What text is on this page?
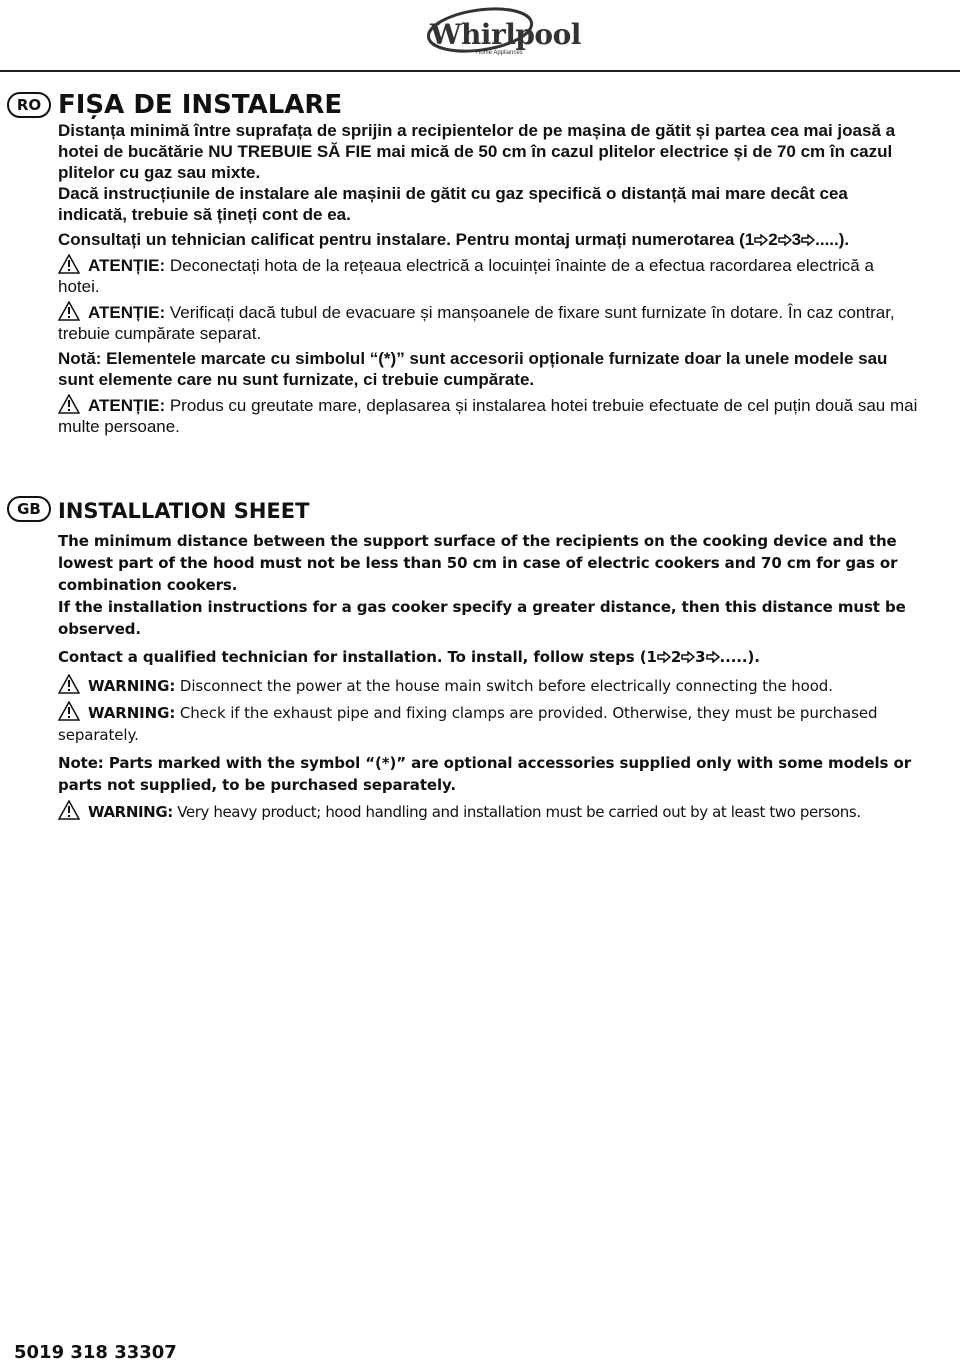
Whirlpool
Home Appliances
RO FIȘA DE INSTALARE

Distanța minimă între suprafața de sprijin a recipientelor de pe mașina de gătit și partea cea mai joasă a hotei de bucătărie NU TREBUIE SĂ FIE mai mică de 50 cm în cazul plitelor electrice și de 70 cm în cazul plitelor cu gaz sau mixte.

Dacă instrucțiunile de instalare ale mașinii de gătit cu gaz specifică o distanță mai mare decât cea indicată, trebuie să țineți cont de ea.

Consultați un tehnician calificat pentru instalare. Pentru montaj urmați numerotarea (1 2 3 .....).

ATENȚIE: Deconectați hota de la rețeaua electrică a locuinței înainte de a efectua racordarea electrică a hotei.

ATENȚIE: Verificați dacă tubul de evacuare și manșoanele de fixare sunt furnizate în dotare. În caz contrar, trebuie cumpărate separat.

Notă: Elementele marcate cu simbolul “(*)” sunt accesorii opționale furnizate doar la unele modele sau sunt elemente care nu sunt furnizate, ci trebuie cumpărate.

ATENȚIE: Produs cu greutate mare, deplasarea și instalarea hotei trebuie efectuate de cel puțin două sau mai multe persoane.

GB INSTALLATION SHEET

The minimum distance between the support surface of the recipients on the cooking device and the lowest part of the hood must not be less than 50 cm in case of electric cookers and 70 cm for gas or combination cookers.

If the installation instructions for a gas cooker specify a greater distance, then this distance must be observed.

Contact a qualified technician for installation. To install, follow steps (1 2 3 .....).

WARNING: Disconnect the power at the house main switch before electrically connecting the hood.

WARNING: Check if the exhaust pipe and fixing clamps are provided. Otherwise, they must be purchased separately.

Note: Parts marked with the symbol “(*)” are optional accessories supplied only with some models or parts not supplied, to be purchased separately.

WARNING: Very heavy product; hood handling and installation must be carried out by at least two persons.

5019 318 33307
